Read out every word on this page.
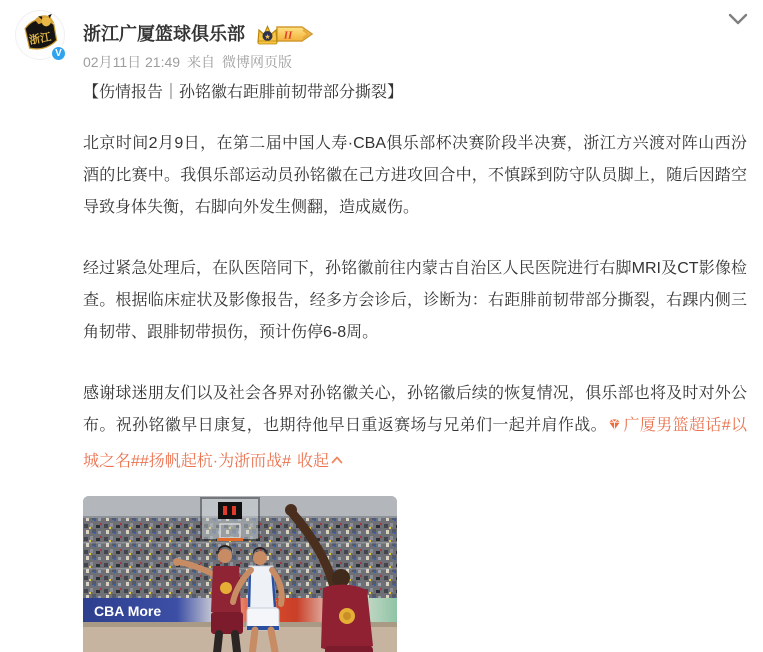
浙江
V
浙江广厦篮球俱乐部	II
★
02月11日 21:49 来自 微博网页版

【伤情报告｜孙铭徽右距腓前韧带部分撕裂】

北京时间2月9日，在第二届中国人寿·CBA俱乐部杯决赛阶段半决赛，浙江方兴渡对阵山西汾酒的比赛中。我俱乐部运动员孙铭徽在己方进攻回合中，不慎踩到防守队员脚上，随后因踏空导致身体失衡，右脚向外发生侧翻，造成崴伤。

经过紧急处理后，在队医陪同下，孙铭徽前往内蒙古自治区人民医院进行右脚MRI及CT影像检查。根据临床症状及影像报告，经多方会诊后，诊断为：右距腓前韧带部分撕裂，右踝内侧三角韧带、跟腓韧带损伤，预计伤停6-8周。

感谢球迷朋友们以及社会各界对孙铭徽关心，孙铭徽后续的恢复情况，俱乐部也将及时对外公布。祝孙铭徽早日康复，也期待他早日重返赛场与兄弟们一起并肩作战。 广厦男篮超话#以城之名##扬帆起杭·为浙而战# 收起

CBA More
